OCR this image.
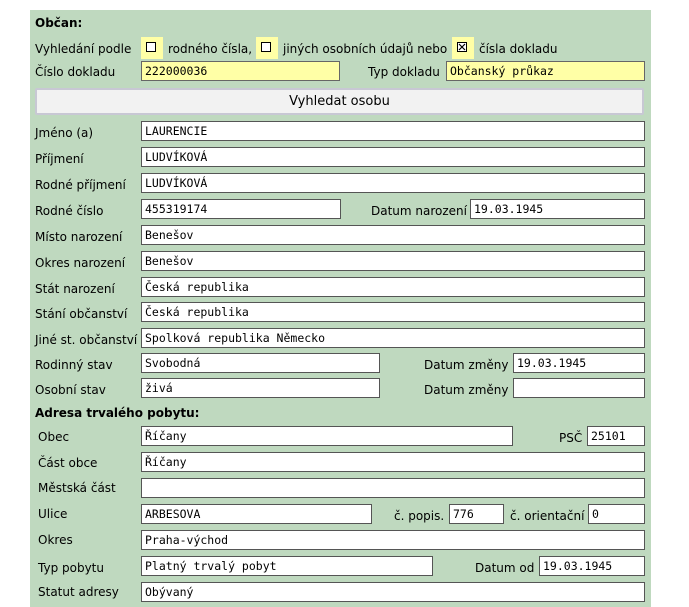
Občan:
Vyhledání podle	rodného čísla,	jiných osobních údajů nebo	čísla dokladu
Číslo dokladu	222000036	Typ dokladu Občanský průkaz
Vyhledat osobu
Jméno (a)	LAURENCIE
Příjmení	LUDVÍKOVÁ
Rodné příjmení	LUDVÍKOVÁ
Rodné číslo	455319174	Datum narození 19.03.1945
Místo narození	Benešov
Okres narození	Benešov
Stát narození	Česká republika
Stání občanství	Česká republika
Jiné st. občanství Spolková republika Německo
Rodinný stav	Svobodná	Datum změny 19.03.1945
Osobní stav	živá	Datum změny
Adresa trvalého pobytu:
Obec	Říčany	PSČ 25101
Část obce	Říčany
Městská část
Ulice	ARBESOVA	č. popis. 776	č. orientační 0
Okres	Praha-východ
Typ pobytu	Platný trvalý pobyt	Datum od 19.03.1945
Statut adresy	Obývaný
